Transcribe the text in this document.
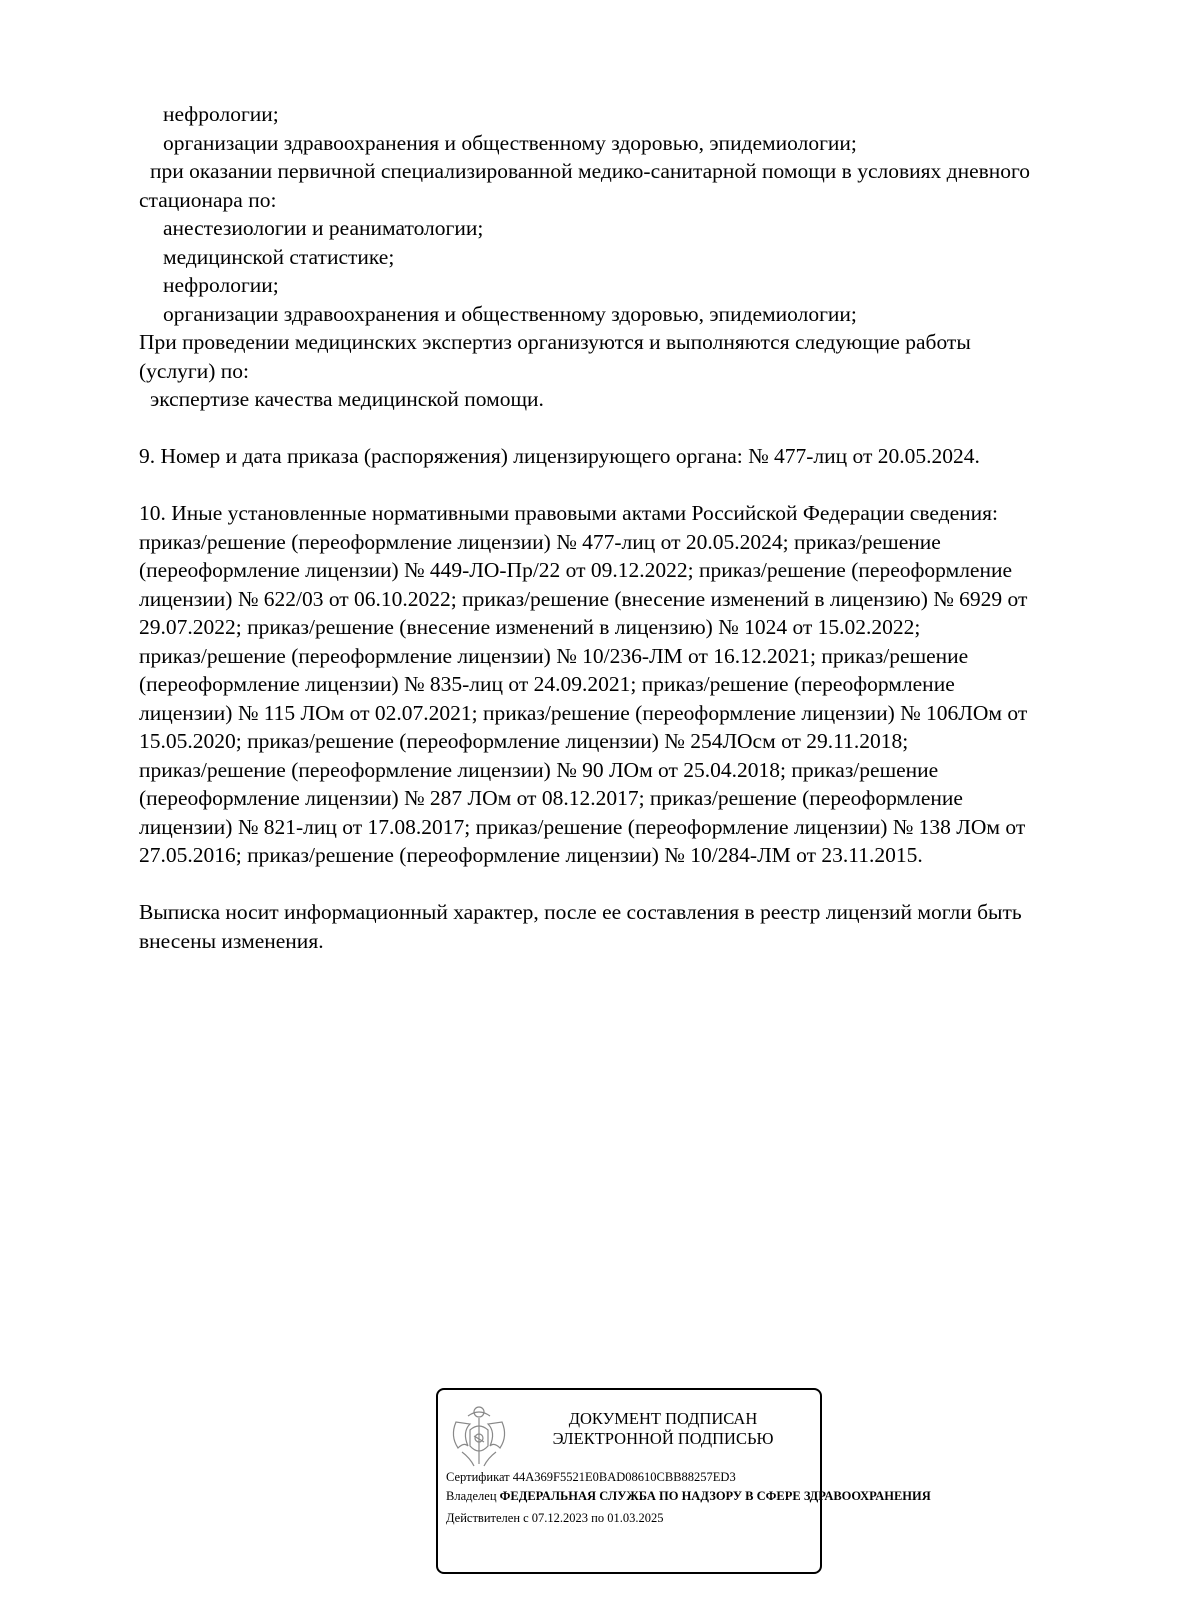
нефрологии;
организации здравоохранения и общественному здоровью, эпидемиологии;
при оказании первичной специализированной медико-санитарной помощи в условиях дневного
стационара по:
анестезиологии и реаниматологии;
медицинской статистике;
нефрологии;
организации здравоохранения и общественному здоровью, эпидемиологии;
При проведении медицинских экспертиз организуются и выполняются следующие работы
(услуги) по:
экспертизе качества медицинской помощи.
9. Номер и дата приказа (распоряжения) лицензирующего органа: № 477-лиц от 20.05.2024.
10. Иные установленные нормативными правовыми актами Российской Федерации сведения:
приказ/решение (переоформление лицензии) № 477-лиц от 20.05.2024; приказ/решение
(переоформление лицензии) № 449-ЛО-Пр/22 от 09.12.2022; приказ/решение (переоформление
лицензии) № 622/03 от 06.10.2022; приказ/решение (внесение изменений в лицензию) № 6929 от
29.07.2022; приказ/решение (внесение изменений в лицензию) № 1024 от 15.02.2022;
приказ/решение (переоформление лицензии) № 10/236-ЛМ от 16.12.2021; приказ/решение
(переоформление лицензии) № 835-лиц от 24.09.2021; приказ/решение (переоформление
лицензии) № 115 ЛОм от 02.07.2021; приказ/решение (переоформление лицензии) № 106ЛОм от
15.05.2020; приказ/решение (переоформление лицензии) № 254ЛОсм от 29.11.2018;
приказ/решение (переоформление лицензии) № 90 ЛОм от 25.04.2018; приказ/решение
(переоформление лицензии) № 287 ЛОм от 08.12.2017; приказ/решение (переоформление
лицензии) № 821-лиц от 17.08.2017; приказ/решение (переоформление лицензии) № 138 ЛОм от
27.05.2016; приказ/решение (переоформление лицензии) № 10/284-ЛМ от 23.11.2015.
Выписка носит информационный характер, после ее составления в реестр лицензий могли быть
внесены изменения.
ДОКУМЕНТ ПОДПИСАН
ЭЛЕКТРОННОЙ ПОДПИСЬЮ
Сертификат 44A369F5521E0BAD08610CBB88257ED3
Владелец ФЕДЕРАЛЬНАЯ СЛУЖБА ПО НАДЗОРУ В СФЕРЕ ЗДРАВООХРАНЕНИЯ
Действителен с 07.12.2023 по 01.03.2025
